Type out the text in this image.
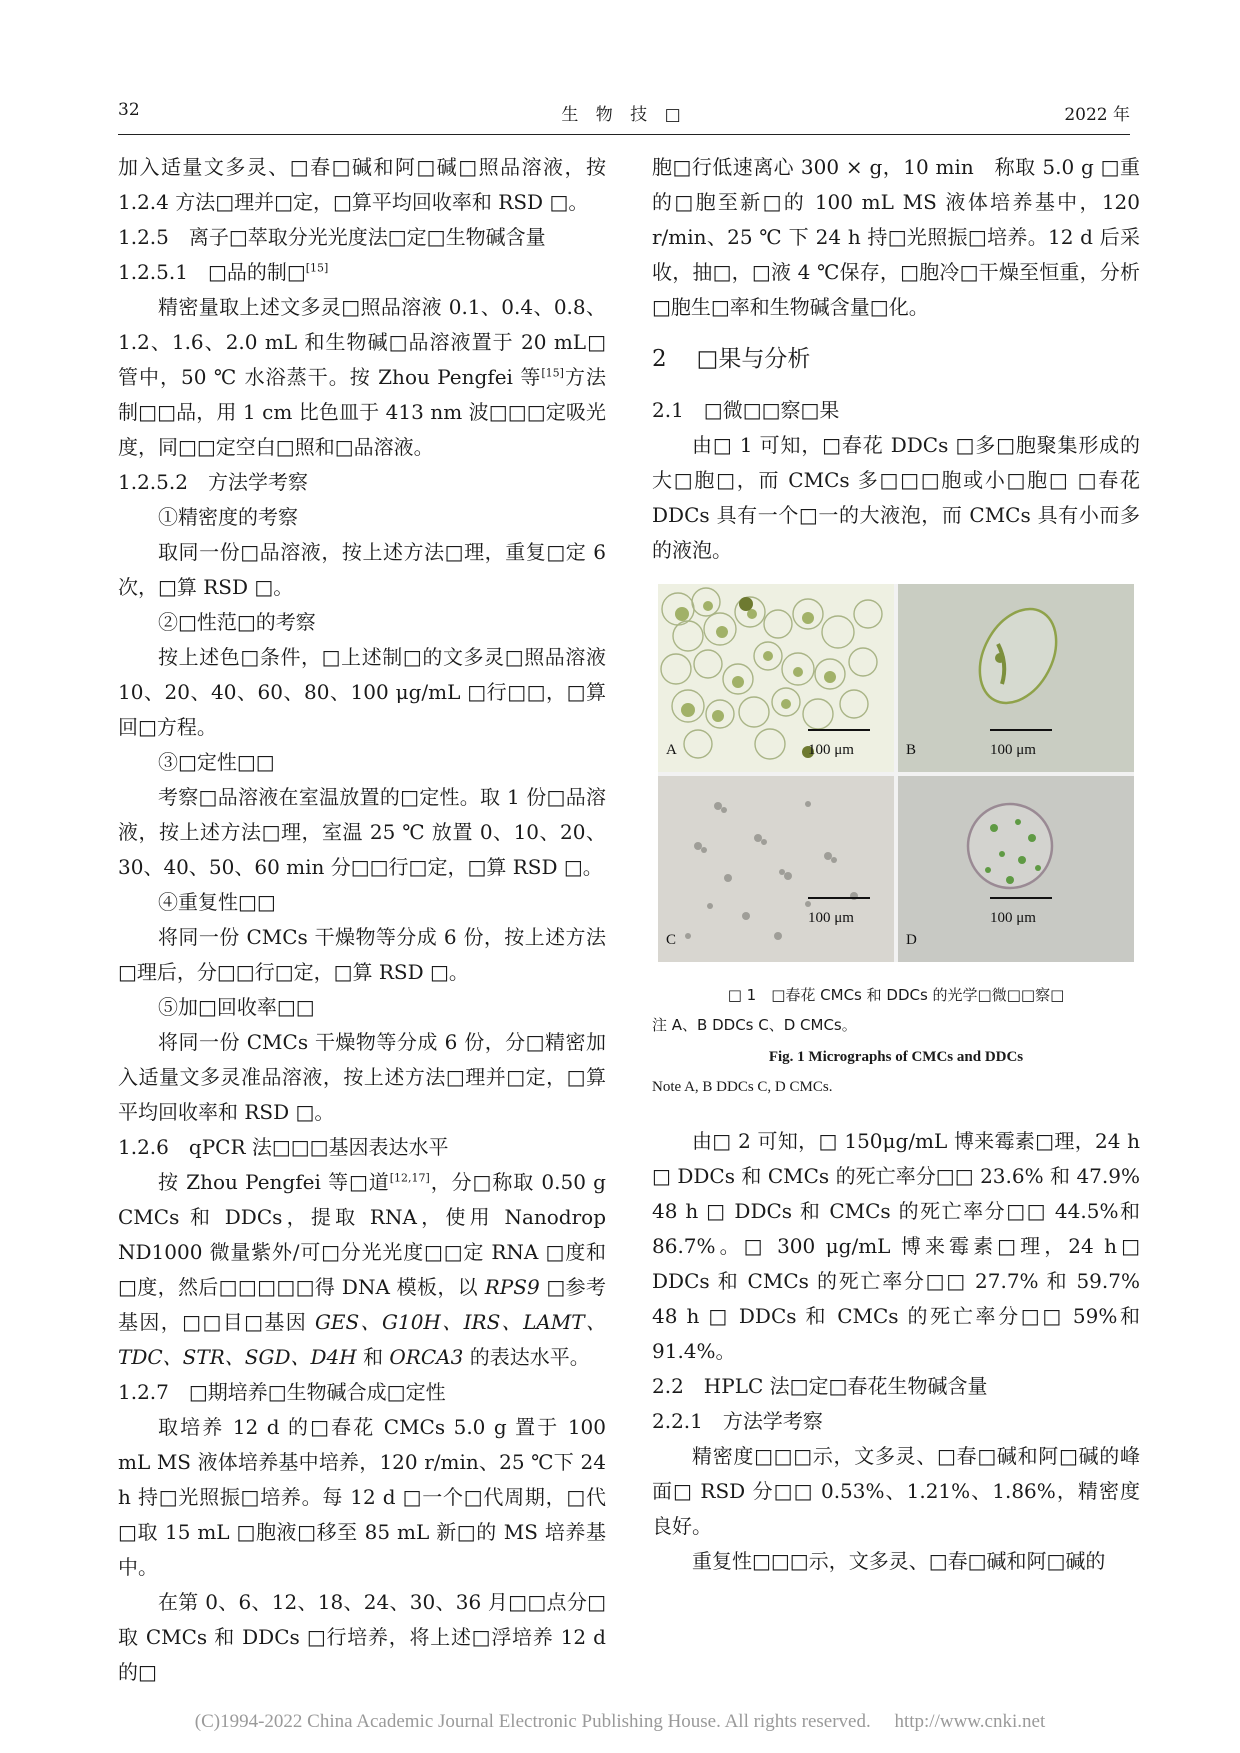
32	生 物 技 □	2022 年

加入适量文多灵、□春□碱和阿□碱□照品溶液，按 1.2.4 方法□理并□定，□算平均回收率和 RSD □。

1.2.5　离子□萃取分光光度法□定□生物碱含量

1.2.5.1　□品的制□[15]

精密量取上述文多灵□照品溶液 0.1、0.4、0.8、1.2、1.6、2.0 mL 和生物碱□品溶液置于 20 mL□管中，50 ℃ 水浴蒸干。按 Zhou Pengfei 等[15]方法制□□品，用 1 cm 比色皿于 413 nm 波□□□定吸光度，同□□定空白□照和□品溶液。

1.2.5.2　方法学考察

①精密度的考察

取同一份□品溶液，按上述方法□理，重复□定 6 次，□算 RSD □。

②□性范□的考察

按上述色□条件，□上述制□的文多灵□照品溶液 10、20、40、60、80、100 μg/mL □行□□，□算回□方程。

③□定性□□

考察□品溶液在室温放置的□定性。取 1 份□品溶液，按上述方法□理，室温 25 ℃ 放置 0、10、20、30、40、50、60 min 分□□行□定，□算 RSD □。

④重复性□□

将同一份 CMCs 干燥物等分成 6 份，按上述方法□理后，分□□行□定，□算 RSD □。

⑤加□回收率□□

将同一份 CMCs 干燥物等分成 6 份，分□精密加入适量文多灵准品溶液，按上述方法□理并□定，□算平均回收率和 RSD □。

1.2.6　qPCR 法□□□基因表达水平

按 Zhou Pengfei 等□道[12,17]，分□称取 0.50 g CMCs 和 DDCs，提取 RNA，使用 Nanodrop ND1000 微量紫外/可□分光光度□□定 RNA □度和□度，然后□□□□□得 DNA 模板，以 RPS9 □参考基因，□□目□基因 GES、G10H、IRS、LAMT、TDC、STR、SGD、D4H 和 ORCA3 的表达水平。

1.2.7　□期培养□生物碱合成□定性

取培养 12 d 的□春花 CMCs 5.0 g 置于 100 mL MS 液体培养基中培养，120 r/min、25 ℃下 24 h 持□光照振□培养。每 12 d □一个□代周期，□代□取 15 mL □胞液□移至 85 mL 新□的 MS 培养基中。

在第 0、6、12、18、24、30、36 月□□点分□取 CMCs 和 DDCs □行培养，将上述□浮培养 12 d 的□

胞□行低速离心 300 × g，10 min　称取 5.0 g □重的□胞至新□的 100 mL MS 液体培养基中，120 r/min、25 ℃ 下 24 h 持□光照振□培养。12 d 后采收，抽□，□液 4 ℃保存，□胞冷□干燥至恒重，分析□胞生□率和生物碱含量□化。

2 □果与分析

2.1　□微□□察□果

由□ 1 可知，□春花 DDCs □多□胞聚集形成的大□胞□，而 CMCs 多□□□胞或小□胞□ □春花 DDCs 具有一个□一的大液泡，而 CMCs 具有小而多的液泡。

A	100 μm	B	100 μm
C
100 μm
D
100 μm
□ 1　□春花 CMCs 和 DDCs 的光学□微□□察□
注 A、B DDCs C、D CMCs。
Fig. 1 Micrographs of CMCs and DDCs
Note A, B DDCs C, D CMCs.

由□ 2 可知，□ 150μg/mL 博来霉素□理，24 h □ DDCs 和 CMCs 的死亡率分□□ 23.6% 和 47.9% 48 h □ DDCs 和 CMCs 的死亡率分□□ 44.5%和 86.7%。□ 300 μg/mL 博来霉素□理，24 h□ DDCs 和 CMCs 的死亡率分□□ 27.7% 和 59.7% 48 h □ DDCs 和 CMCs 的死亡率分□□ 59%和 91.4%。

2.2　HPLC 法□定□春花生物碱含量

2.2.1　方法学考察

精密度□□□示，文多灵、□春□碱和阿□碱的峰面□ RSD 分□□ 0.53%、1.21%、1.86%，精密度良好。

重复性□□□示，文多灵、□春□碱和阿□碱的

(C)1994-2022 China Academic Journal Electronic Publishing House. All rights reserved.　 http://www.cnki.net
